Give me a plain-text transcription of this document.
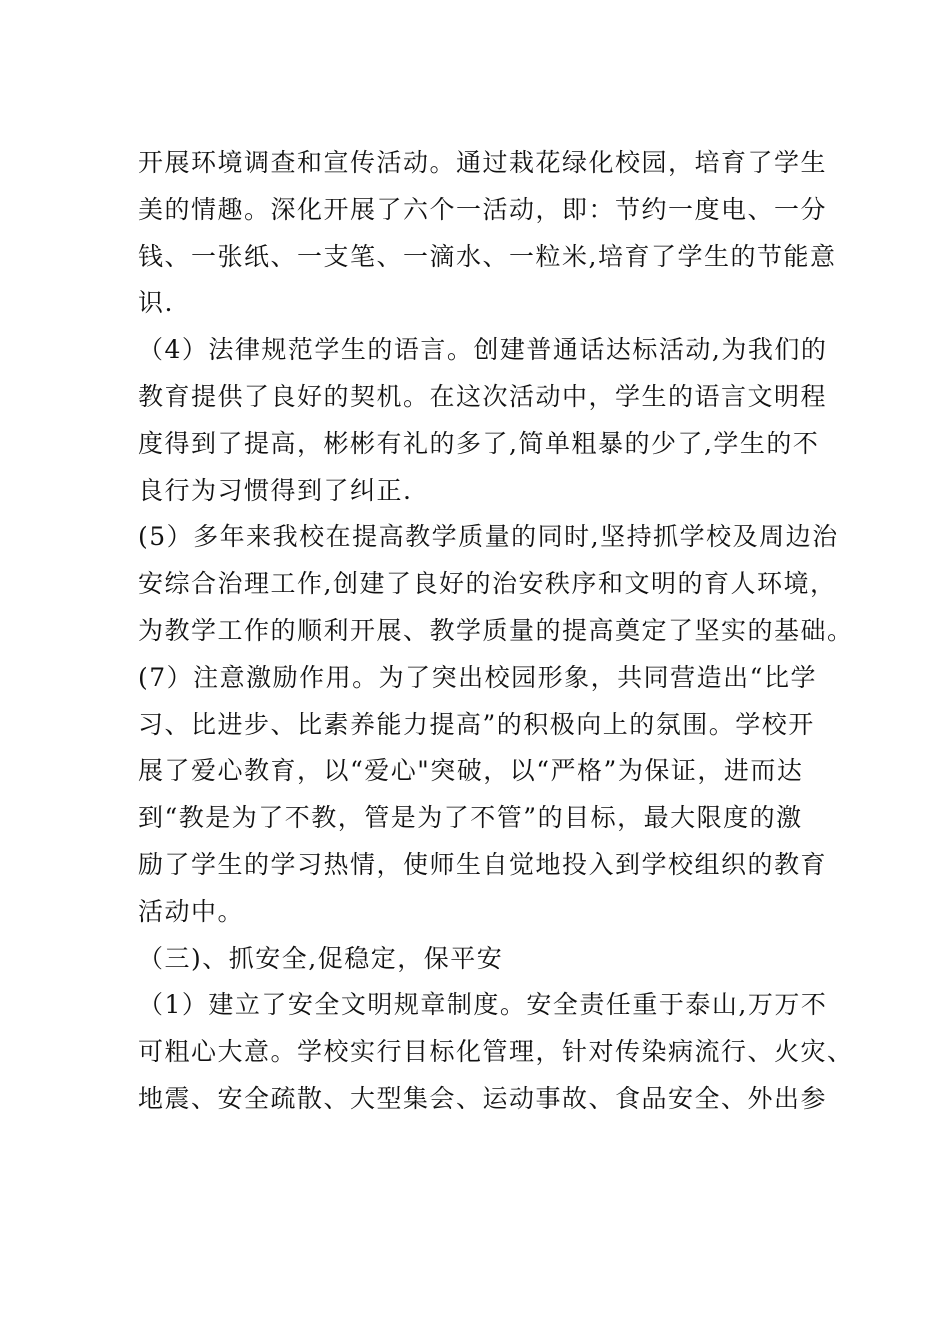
开展环境调查和宣传活动。通过栽花绿化校园，培育了学生
美的情趣。深化开展了六个一活动，即：节约一度电、一分
钱、一张纸、一支笔、一滴水、一粒米,培育了学生的节能意
识.
（4）法律规范学生的语言。创建普通话达标活动,为我们的
教育提供了良好的契机。在这次活动中，学生的语言文明程
度得到了提高，彬彬有礼的多了,简单粗暴的少了,学生的不
良行为习惯得到了纠正.
(5）多年来我校在提高教学质量的同时,坚持抓学校及周边治
安综合治理工作,创建了良好的治安秩序和文明的育人环境，
为教学工作的顺利开展、教学质量的提高奠定了坚实的基础。
(7）注意激励作用。为了突出校园形象，共同营造出“比学
习、比进步、比素养能力提高”的积极向上的氛围。学校开
展了爱心教育，以“爱心"突破，以“严格”为保证，进而达
到“教是为了不教，管是为了不管”的目标，最大限度的激
励了学生的学习热情，使师生自觉地投入到学校组织的教育
活动中。
（三)、抓安全,促稳定，保平安
（1）建立了安全文明规章制度。安全责任重于泰山,万万不
可粗心大意。学校实行目标化管理，针对传染病流行、火灾、
地震、安全疏散、大型集会、运动事故、食品安全、外出参
